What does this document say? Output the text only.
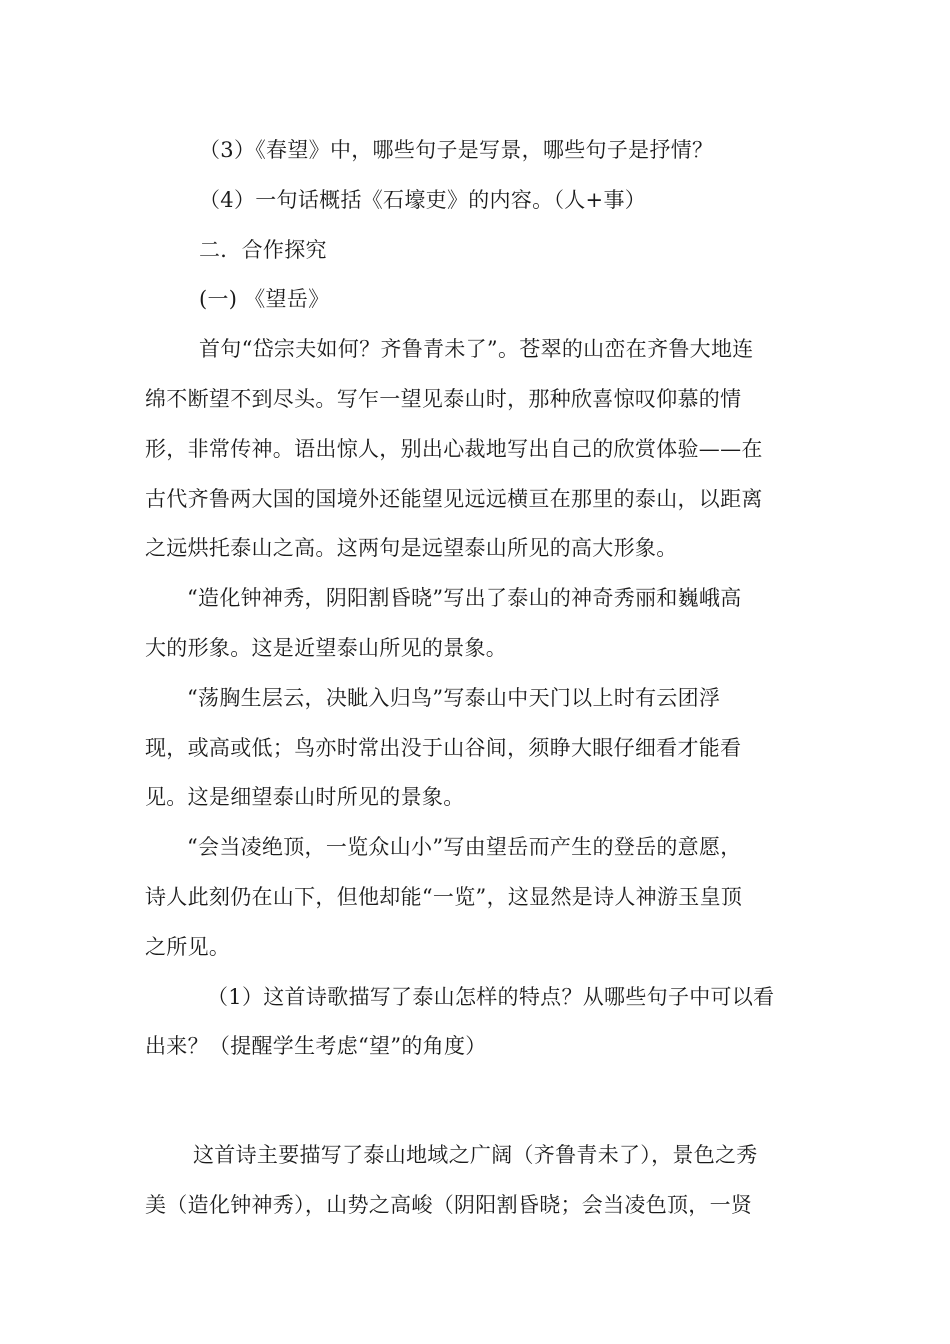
（3）《春望》中，哪些句子是写景，哪些句子是抒情？
（4）一句话概括《石壕吏》的内容。（人+事）
二．合作探究
(一) 《望岳》
首句“岱宗夫如何？齐鲁青未了”。苍翠的山峦在齐鲁大地连
绵不断望不到尽头。写乍一望见泰山时，那种欣喜惊叹仰慕的情
形，非常传神。语出惊人，别出心裁地写出自己的欣赏体验——在
古代齐鲁两大国的国境外还能望见远远横亘在那里的泰山，以距离
之远烘托泰山之高。这两句是远望泰山所见的高大形象。
“造化钟神秀，阴阳割昏晓”写出了泰山的神奇秀丽和巍峨高
大的形象。这是近望泰山所见的景象。
“荡胸生层云，决眦入归鸟”写泰山中天门以上时有云团浮
现，或高或低；鸟亦时常出没于山谷间，须睁大眼仔细看才能看
见。这是细望泰山时所见的景象。
“会当凌绝顶，一览众山小”写由望岳而产生的登岳的意愿，
诗人此刻仍在山下，但他却能“一览”，这显然是诗人神游玉皇顶
之所见。
（1）这首诗歌描写了泰山怎样的特点？从哪些句子中可以看
出来？（提醒学生考虑“望”的角度）
这首诗主要描写了泰山地域之广阔（齐鲁青未了），景色之秀
美（造化钟神秀），山势之高峻（阴阳割昏晓；会当凌色顶，一贤
